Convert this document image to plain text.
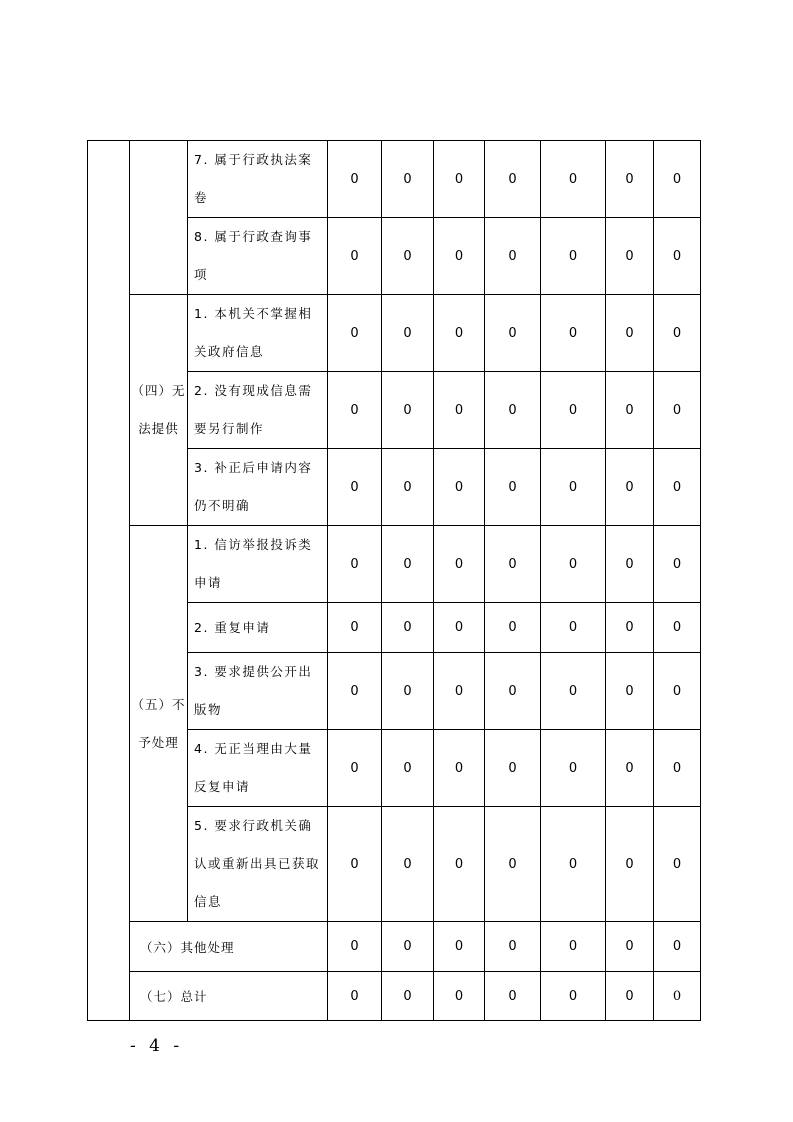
		7. 属于行政执法案卷	0	0	0	0	0	0	0
		8. 属于行政查询事项	0	0	0	0	0	0	0
	（四）无法提供	1. 本机关不掌握相关政府信息	0	0	0	0	0	0	0
		2. 没有现成信息需要另行制作	0	0	0	0	0	0	0
		3. 补正后申请内容仍不明确	0	0	0	0	0	0	0
	（五）不予处理	1. 信访举报投诉类申请	0	0	0	0	0	0	0
		2. 重复申请	0	0	0	0	0	0	0
		3. 要求提供公开出版物	0	0	0	0	0	0	0
		4. 无正当理由大量反复申请	0	0	0	0	0	0	0
		5. 要求行政机关确认或重新出具已获取信息	0	0	0	0	0	0	0
	（六）其他处理		0	0	0	0	0	0	0
	（七）总计		0	0	0	0	0	0	0
- 4 -
